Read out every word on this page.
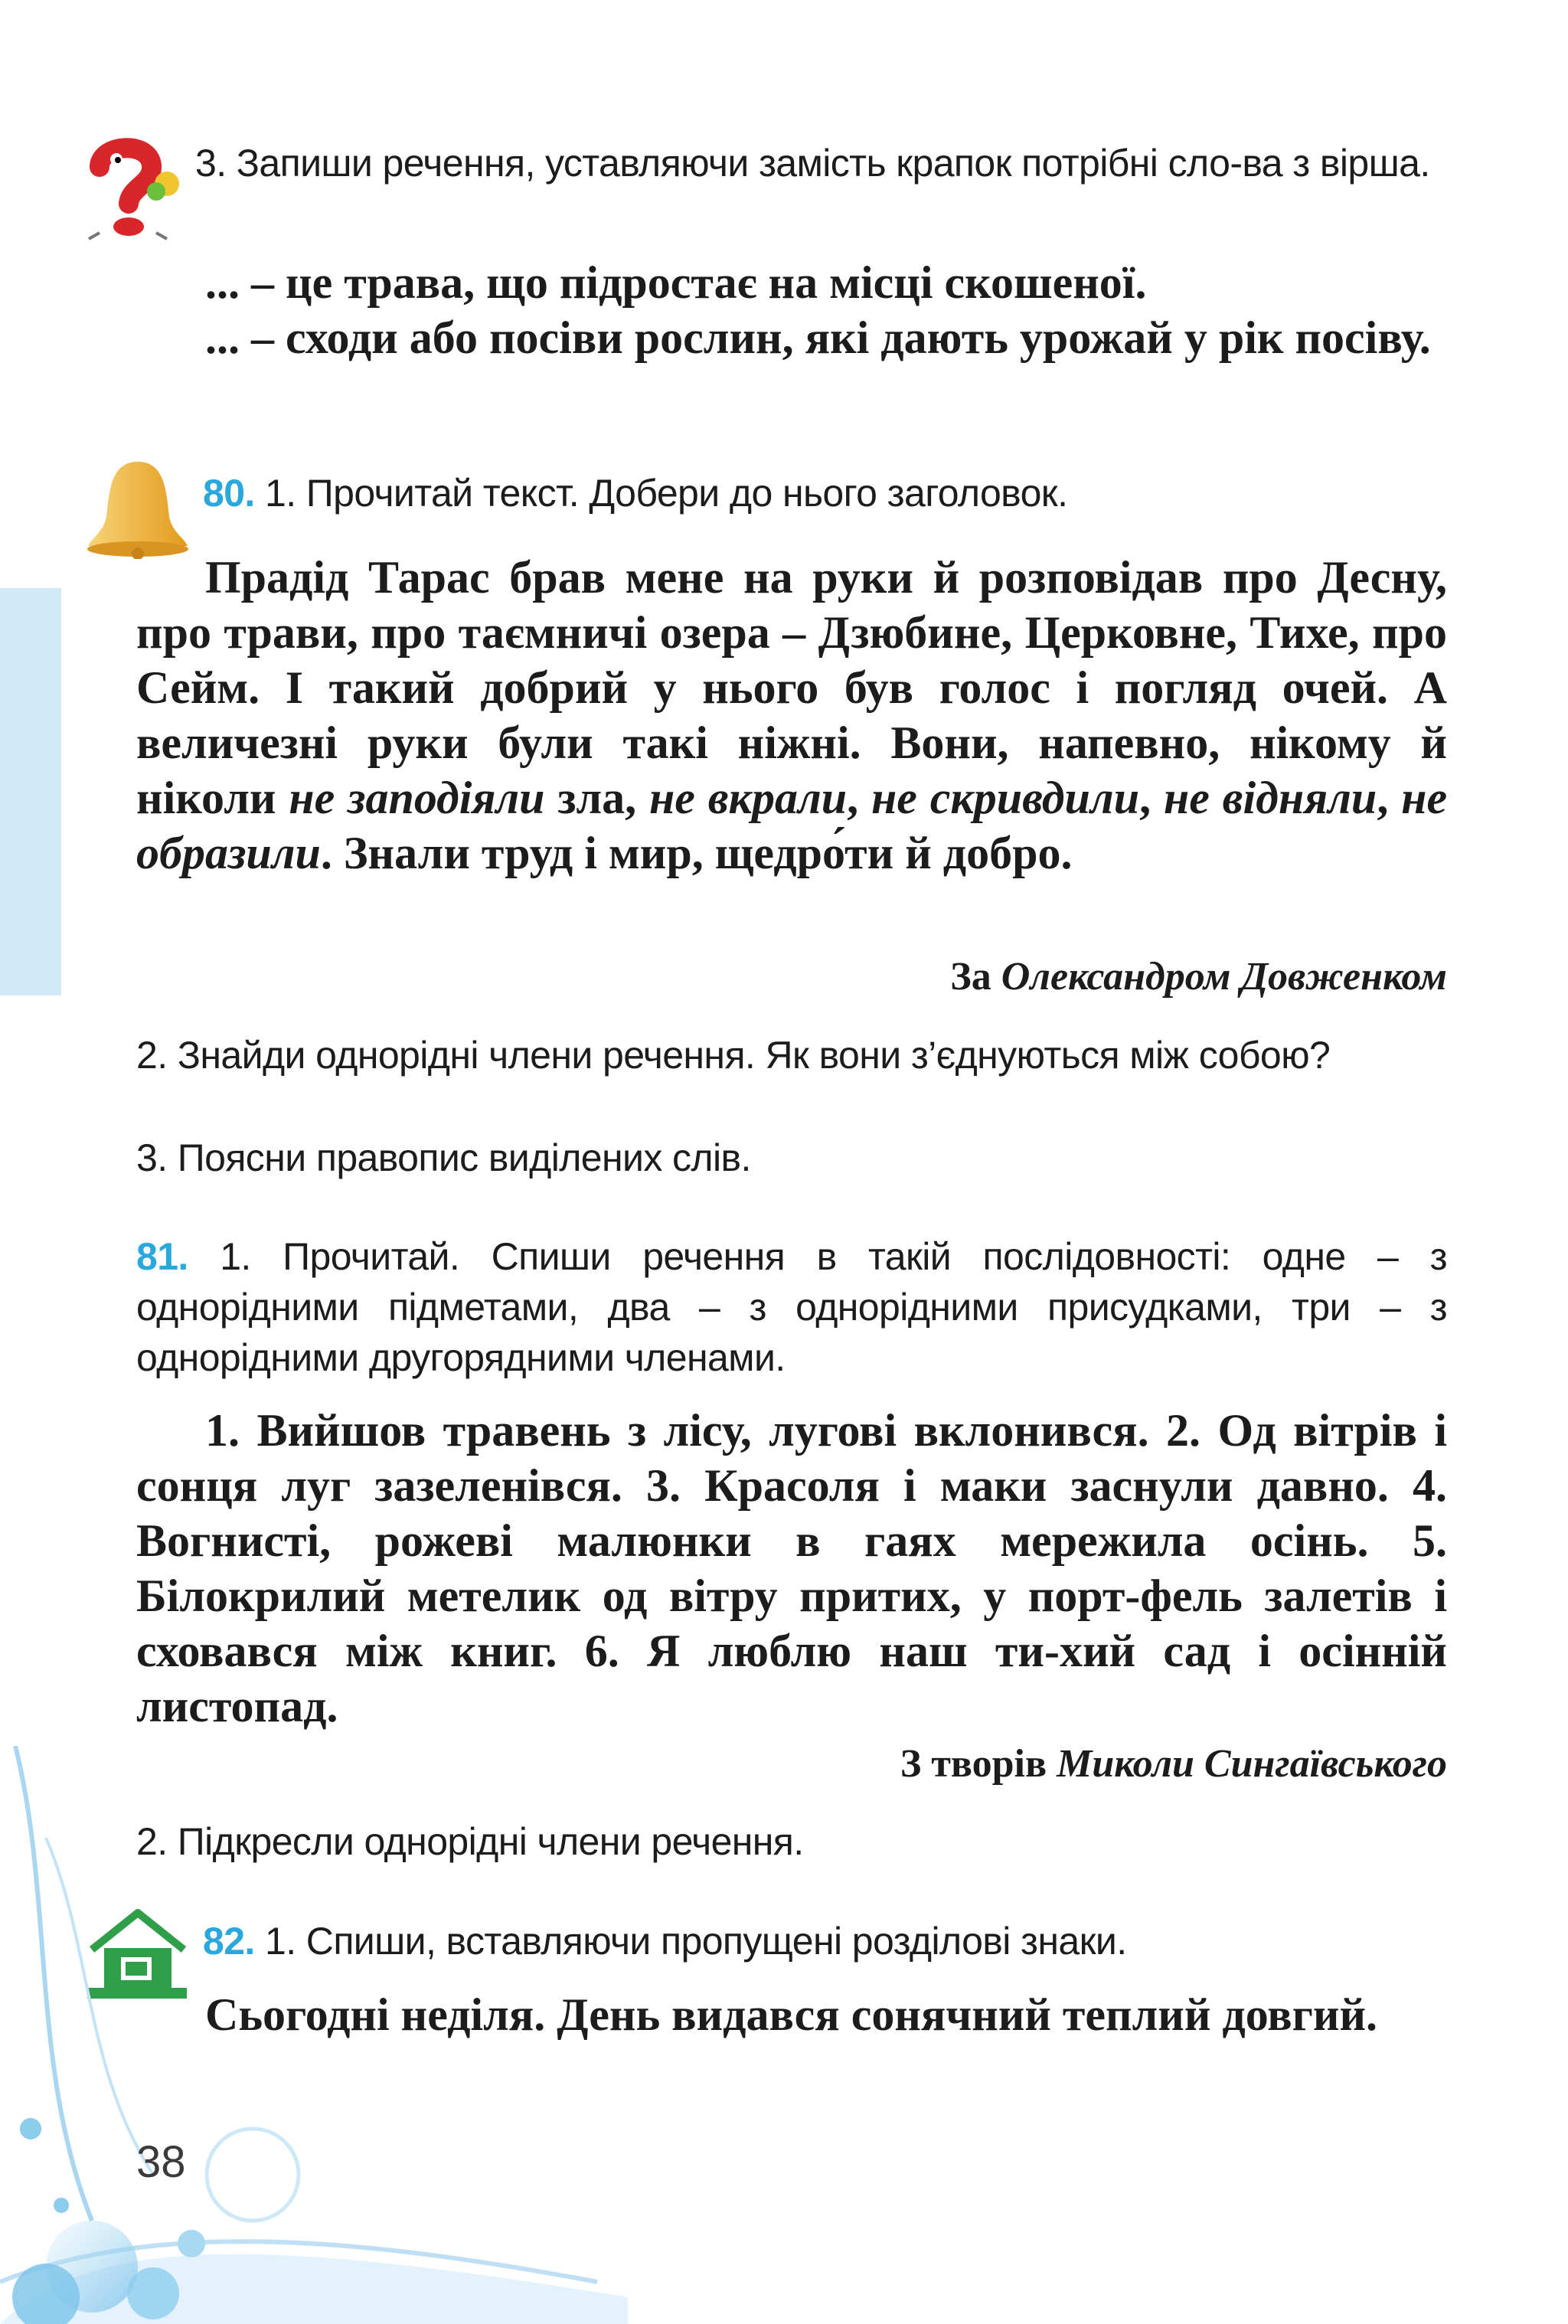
3. Запиши речення, уставляючи замість крапок потрібні сло-ва з вірша.
... – це трава, що підростає на місці скошеної.
... – сходи або посіви рослин, які дають урожай у рік посіву.
80. 1. Прочитай текст. Добери до нього заголовок.
Прадід Тарас брав мене на руки й розповідав про Десну, про трави, про таємничі озера – Дзюбине, Церковне, Тихе, про Сейм. І такий добрий у нього був голос і погляд очей. А величезні руки були такі ніжні. Вони, напевно, нікому й ніколи не заподіяли зла, не вкрали, не скривдили, не відняли, не образили. Знали труд і мир, щедро́ти й добро.
За Олександром Довженком
2. Знайди однорідні члени речення. Як вони з’єднуються між собою?
3. Поясни правопис виділених слів.
81. 1. Прочитай. Спиши речення в такій послідовності: одне – з однорідними підметами, два – з однорідними присудками, три – з однорідними другорядними членами.
1. Вийшов травень з лісу, лугові вклонився. 2. Од вітрів і сонця луг зазеленівся. 3. Красоля і маки заснули давно. 4. Вогнисті, рожеві малюнки в гаях мережила осінь. 5. Білокрилий метелик од вітру притих, у порт-фель залетів і сховався між книг. 6. Я люблю наш ти-хий сад і осінній листопад.
З творів Миколи Сингаївського
2. Підкресли однорідні члени речення.
82. 1. Спиши, вставляючи пропущені розділові знаки.
Сьогодні неділя. День видався сонячний теплий довгий.
38
